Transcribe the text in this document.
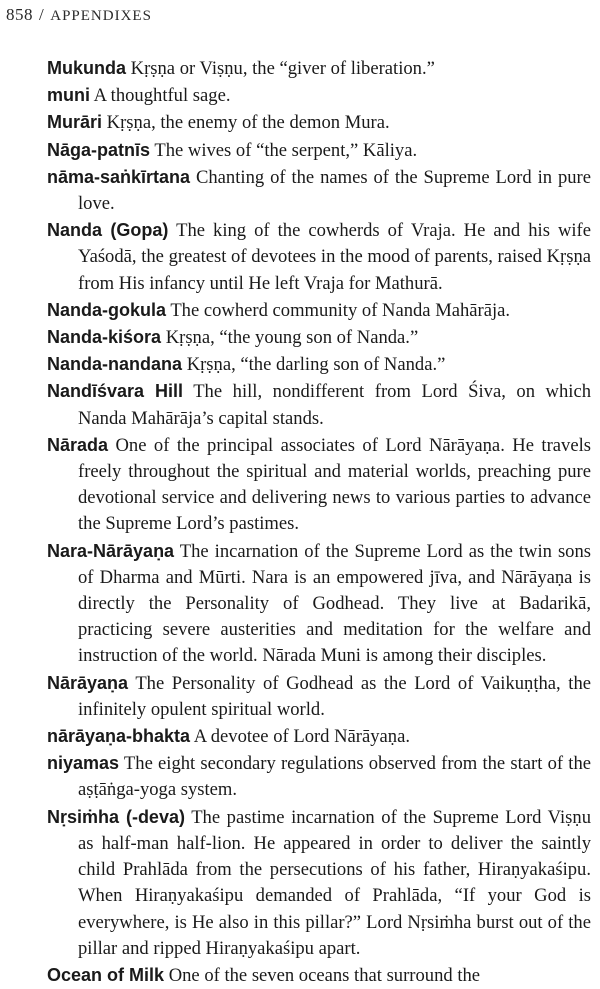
858 / APPENDIXES

Mukunda Kṛṣṇa or Viṣṇu, the “giver of liberation.”

muni A thoughtful sage.

Murāri Kṛṣṇa, the enemy of the demon Mura.

Nāga-patnīs The wives of “the serpent,” Kāliya.

nāma-saṅkīrtana Chanting of the names of the Supreme Lord in pure love.

Nanda (Gopa) The king of the cowherds of Vraja. He and his wife Yaśodā, the greatest of devotees in the mood of parents, raised Kṛṣṇa from His infancy until He left Vraja for Mathurā.

Nanda-gokula The cowherd community of Nanda Mahārāja.

Nanda-kiśora Kṛṣṇa, “the young son of Nanda.”

Nanda-nandana Kṛṣṇa, “the darling son of Nanda.”

Nandīśvara Hill The hill, nondifferent from Lord Śiva, on which Nanda Mahārāja’s capital stands.

Nārada One of the principal associates of Lord Nārāyaṇa. He travels freely throughout the spiritual and material worlds, preaching pure devotional service and delivering news to various parties to advance the Supreme Lord’s pastimes.

Nara-Nārāyaṇa The incarnation of the Supreme Lord as the twin sons of Dharma and Mūrti. Nara is an empowered jīva, and Nārāyaṇa is directly the Personality of Godhead. They live at Badarikā, practicing severe austerities and meditation for the welfare and instruction of the world. Nārada Muni is among their disciples.

Nārāyaṇa The Personality of Godhead as the Lord of Vaikuṇṭha, the infinitely opulent spiritual world.

nārāyaṇa-bhakta A devotee of Lord Nārāyaṇa.

niyamas The eight secondary regulations observed from the start of the aṣṭāṅga-yoga system.

Nṛsiṁha (-deva) The pastime incarnation of the Supreme Lord Viṣṇu as half-man half-lion. He appeared in order to deliver the saintly child Prahlāda from the persecutions of his father, Hiraṇyakaśipu. When Hiraṇyakaśipu demanded of Prahlāda, “If your God is everywhere, is He also in this pillar?” Lord Nṛsiṁha burst out of the pillar and ripped Hiraṇyakaśipu apart.

Ocean of Milk One of the seven oceans that surround the
